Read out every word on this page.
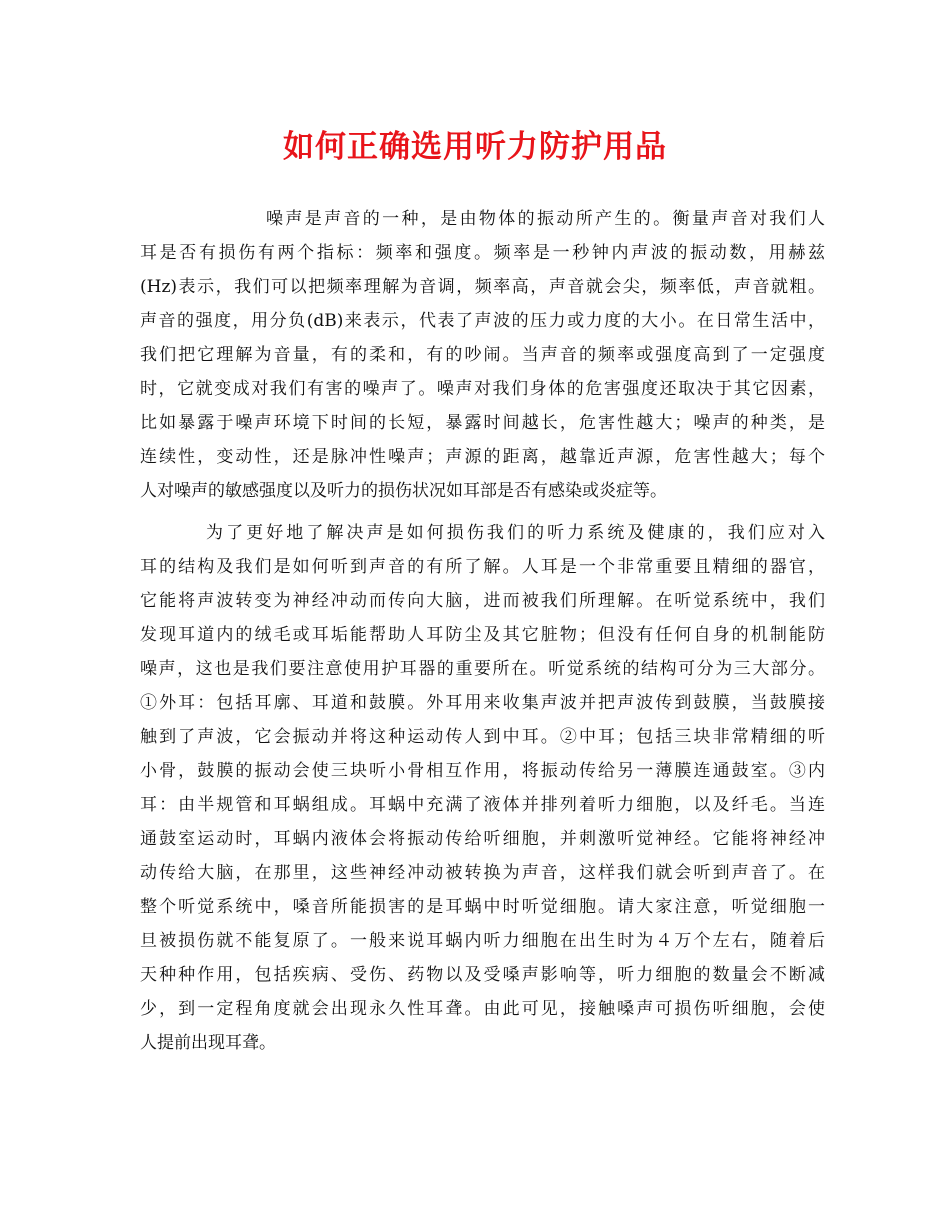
如何正确选用听力防护用品
噪声是声音的一种，是由物体的振动所产生的。衡量声音对我们人
耳是否有损伤有两个指标：频率和强度。频率是一秒钟内声波的振动数，用赫兹
(Hz)表示，我们可以把频率理解为音调，频率高，声音就会尖，频率低，声音就粗。
声音的强度，用分负(dB)来表示，代表了声波的压力或力度的大小。在日常生活中，
我们把它理解为音量，有的柔和，有的吵闹。当声音的频率或强度高到了一定强度
时，它就变成对我们有害的噪声了。噪声对我们身体的危害强度还取决于其它因素，
比如暴露于噪声环境下时间的长短，暴露时间越长，危害性越大；噪声的种类，是
连续性，变动性，还是脉冲性噪声；声源的距离，越靠近声源，危害性越大；每个
人对噪声的敏感强度以及听力的损伤状况如耳部是否有感染或炎症等。
为了更好地了解决声是如何损伤我们的听力系统及健康的，我们应对入
耳的结构及我们是如何听到声音的有所了解。人耳是一个非常重要且精细的器官，
它能将声波转变为神经冲动而传向大脑，进而被我们所理解。在听觉系统中，我们
发现耳道内的绒毛或耳垢能帮助人耳防尘及其它脏物；但没有任何自身的机制能防
噪声，这也是我们要注意使用护耳器的重要所在。听觉系统的结构可分为三大部分。
①外耳：包括耳廓、耳道和鼓膜。外耳用来收集声波并把声波传到鼓膜，当鼓膜接
触到了声波，它会振动并将这种运动传人到中耳。②中耳；包括三块非常精细的听
小骨，鼓膜的振动会使三块听小骨相互作用，将振动传给另一薄膜连通鼓室。③内
耳：由半规管和耳蜗组成。耳蜗中充满了液体并排列着听力细胞，以及纤毛。当连
通鼓室运动时，耳蜗内液体会将振动传给听细胞，并刺激听觉神经。它能将神经冲
动传给大脑，在那里，这些神经冲动被转换为声音，这样我们就会听到声音了。在
整个听觉系统中，嗓音所能损害的是耳蜗中时听觉细胞。请大家注意，听觉细胞一
旦被损伤就不能复原了。一般来说耳蜗内听力细胞在出生时为４万个左右，随着后
天种种作用，包括疾病、受伤、药物以及受嗓声影响等，听力细胞的数量会不断减
少，到一定程角度就会出现永久性耳聋。由此可见，接触嗓声可损伤听细胞，会使
人提前出现耳聋。
